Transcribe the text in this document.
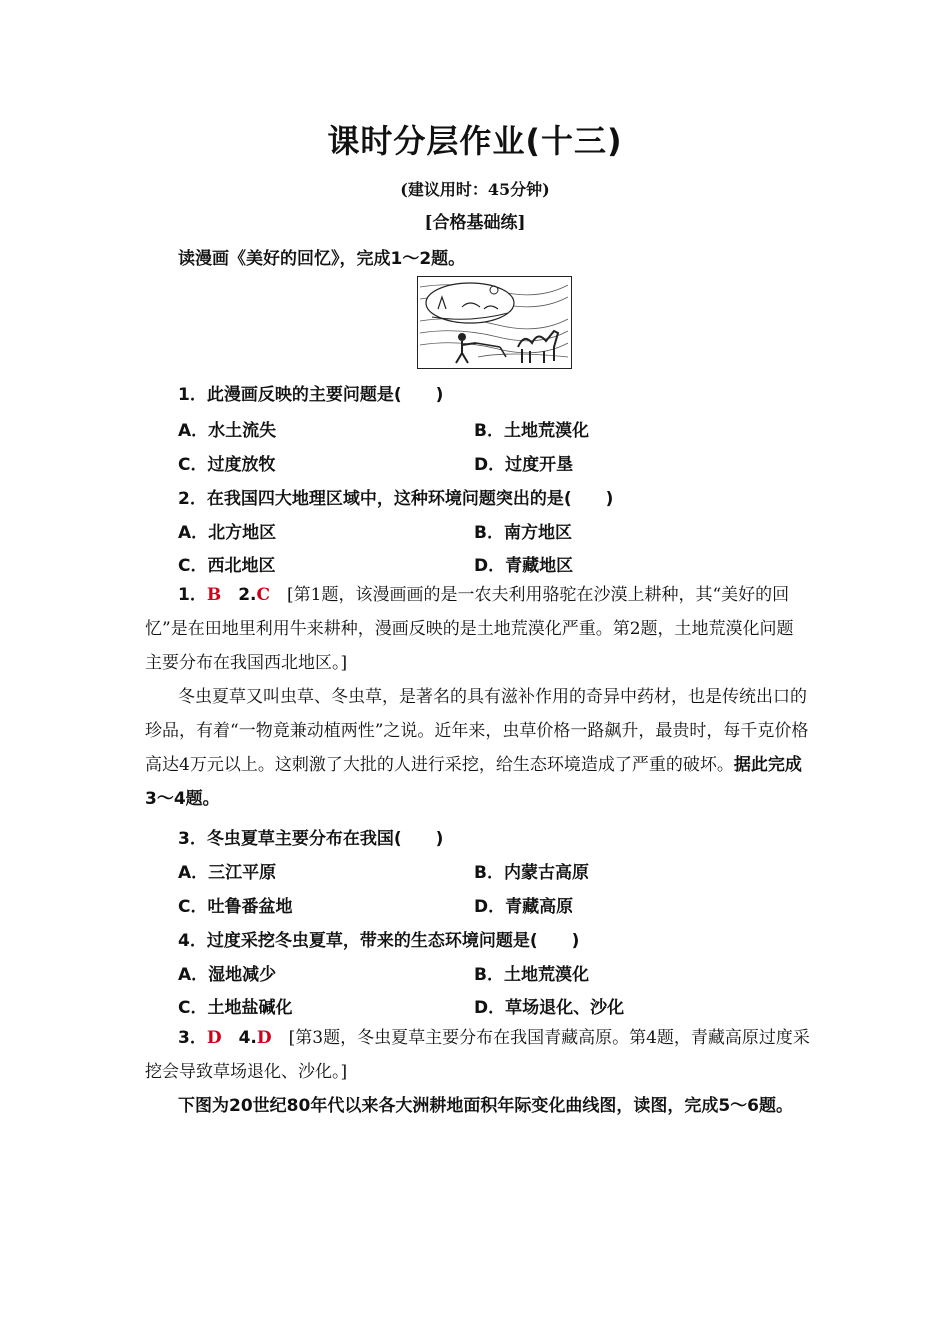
课时分层作业(十三)
(建议用时：45分钟)
[合格基础练]
读漫画《美好的回忆》，完成1～2题。
1．此漫画反映的主要问题是(　　)
A．水土流失	B．土地荒漠化
C．过度放牧	D．过度开垦
2．在我国四大地理区域中，这种环境问题突出的是(　　)
A．北方地区	B．南方地区
C．西北地区	D．青藏地区
1．B　 2.C　 [第1题，该漫画画的是一农夫利用骆驼在沙漠上耕种，其“美好的回忆”是在田地里利用牛来耕种，漫画反映的是土地荒漠化严重。第2题，土地荒漠化问题主要分布在我国西北地区。]
冬虫夏草又叫虫草、冬虫草，是著名的具有滋补作用的奇异中药材，也是传统出口的珍品，有着“一物竟兼动植两性”之说。近年来，虫草价格一路飙升，最贵时，每千克价格高达4万元以上。这刺激了大批的人进行采挖，给生态环境造成了严重的破坏。据此完成3～4题。
3．冬虫夏草主要分布在我国(　　)
A．三江平原	B．内蒙古高原
C．吐鲁番盆地	D．青藏高原
4．过度采挖冬虫夏草，带来的生态环境问题是(　　)
A．湿地减少	B．土地荒漠化
C．土地盐碱化	D．草场退化、沙化
3．D　 4.D　 [第3题，冬虫夏草主要分布在我国青藏高原。第4题，青藏高原过度采挖会导致草场退化、沙化。]
下图为20世纪80年代以来各大洲耕地面积年际变化曲线图，读图，完成5～6题。
